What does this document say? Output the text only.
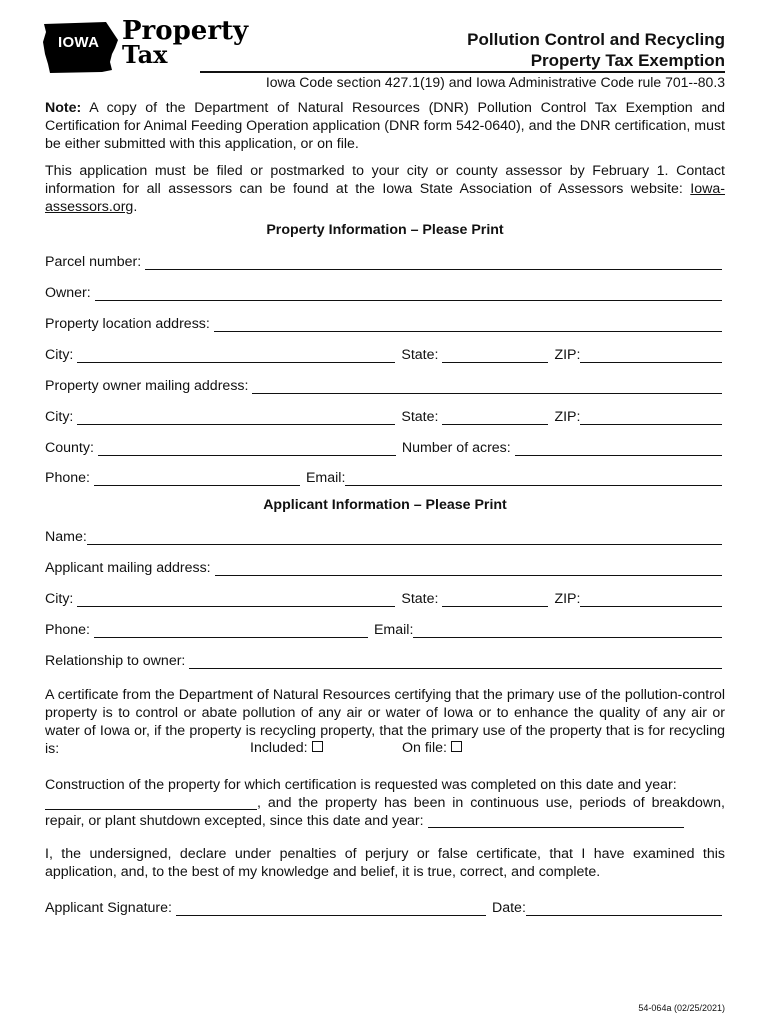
IOWA Property
Tax
Pollution Control and Recycling
Property Tax Exemption
Iowa Code section 427.1(19) and Iowa Administrative Code rule 701--80.3
Note: A copy of the Department of Natural Resources (DNR) Pollution Control Tax Exemption and Certification for Animal Feeding Operation application (DNR form 542-0640), and the DNR certification, must be either submitted with this application, or on file.
This application must be filed or postmarked to your city or county assessor by February 1. Contact information for all assessors can be found at the Iowa State Association of Assessors website: Iowa-assessors.org.
Property Information – Please Print
Parcel number:
Owner:
Property location address:
City:	State:	ZIP:
Property owner mailing address:
City:	State:	ZIP:
County:	Number of acres:
Phone:	Email:
Applicant Information – Please Print
Name:
Applicant mailing address:
City:	State:	ZIP:
Phone:	Email:
Relationship to owner:
A certificate from the Department of Natural Resources certifying that the primary use of the pollution-control property is to control or abate pollution of any air or water of Iowa or to enhance the quality of any air or water of Iowa or, if the property is recycling property, that the primary use of the property that is for recycling is:	Included:	On file:
Construction of the property for which certification is requested was completed on this date and year:
, and the property has been in continuous use, periods of breakdown, repair, or plant shutdown excepted, since this date and year:
I, the undersigned, declare under penalties of perjury or false certificate, that I have examined this application, and, to the best of my knowledge and belief, it is true, correct, and complete.
Applicant Signature:	Date:
54-064a (02/25/2021)
